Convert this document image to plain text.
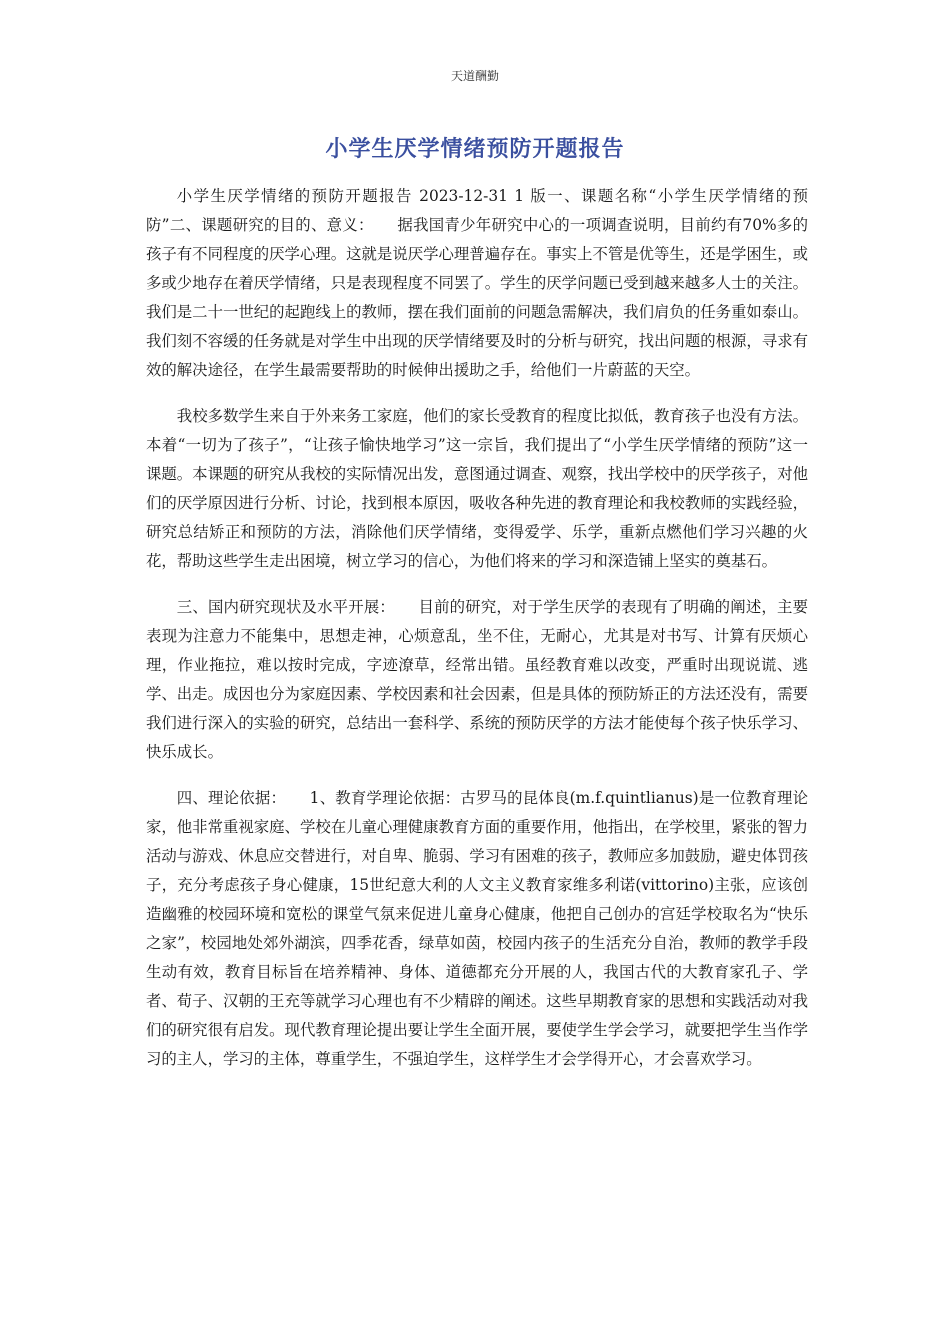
天道酬勤
小学生厌学情绪预防开题报告

小学生厌学情绪的预防开题报告 2023-12-31 1 版一、课题名称“小学生厌学情绪的预防”二、课题研究的目的、意义：　　据我国青少年研究中心的一项调查说明，目前约有70%多的孩子有不同程度的厌学心理。这就是说厌学心理普遍存在。事实上不管是优等生，还是学困生，或多或少地存在着厌学情绪，只是表现程度不同罢了。学生的厌学问题已受到越来越多人士的关注。我们是二十一世纪的起跑线上的教师，摆在我们面前的问题急需解决，我们肩负的任务重如泰山。我们刻不容缓的任务就是对学生中出现的厌学情绪要及时的分析与研究，找出问题的根源，寻求有效的解决途径，在学生最需要帮助的时候伸出援助之手，给他们一片蔚蓝的天空。

我校多数学生来自于外来务工家庭，他们的家长受教育的程度比拟低，教育孩子也没有方法。本着“一切为了孩子”，“让孩子愉快地学习”这一宗旨，我们提出了“小学生厌学情绪的预防”这一课题。本课题的研究从我校的实际情况出发，意图通过调查、观察，找出学校中的厌学孩子，对他们的厌学原因进行分析、讨论，找到根本原因，吸收各种先进的教育理论和我校教师的实践经验，研究总结矫正和预防的方法，消除他们厌学情绪，变得爱学、乐学，重新点燃他们学习兴趣的火花，帮助这些学生走出困境，树立学习的信心，为他们将来的学习和深造铺上坚实的奠基石。

三、国内研究现状及水平开展：　　目前的研究，对于学生厌学的表现有了明确的阐述，主要表现为注意力不能集中，思想走神，心烦意乱，坐不住，无耐心，尤其是对书写、计算有厌烦心理，作业拖拉，难以按时完成，字迹潦草，经常出错。虽经教育难以改变，严重时出现说谎、逃学、出走。成因也分为家庭因素、学校因素和社会因素，但是具体的预防矫正的方法还没有，需要我们进行深入的实验的研究，总结出一套科学、系统的预防厌学的方法才能使每个孩子快乐学习、快乐成长。

四、理论依据：　　1、教育学理论依据：古罗马的昆体良(m.f.quintlianus)是一位教育理论家，他非常重视家庭、学校在儿童心理健康教育方面的重要作用，他指出，在学校里，紧张的智力活动与游戏、休息应交替进行，对自卑、脆弱、学习有困难的孩子，教师应多加鼓励，避史体罚孩子，充分考虑孩子身心健康，15世纪意大利的人文主义教育家维多利诺(vittorino)主张，应该创造幽雅的校园环境和宽松的课堂气氛来促进儿童身心健康，他把自己创办的宫廷学校取名为“快乐之家”，校园地处郊外湖滨，四季花香，绿草如茵，校园内孩子的生活充分自治，教师的教学手段生动有效，教育目标旨在培养精神、身体、道德都充分开展的人，我国古代的大教育家孔子、学者、荀子、汉朝的王充等就学习心理也有不少精辟的阐述。这些早期教育家的思想和实践活动对我们的研究很有启发。现代教育理论提出要让学生全面开展，要使学生学会学习，就要把学生当作学习的主人，学习的主体，尊重学生，不强迫学生，这样学生才会学得开心，才会喜欢学习。
